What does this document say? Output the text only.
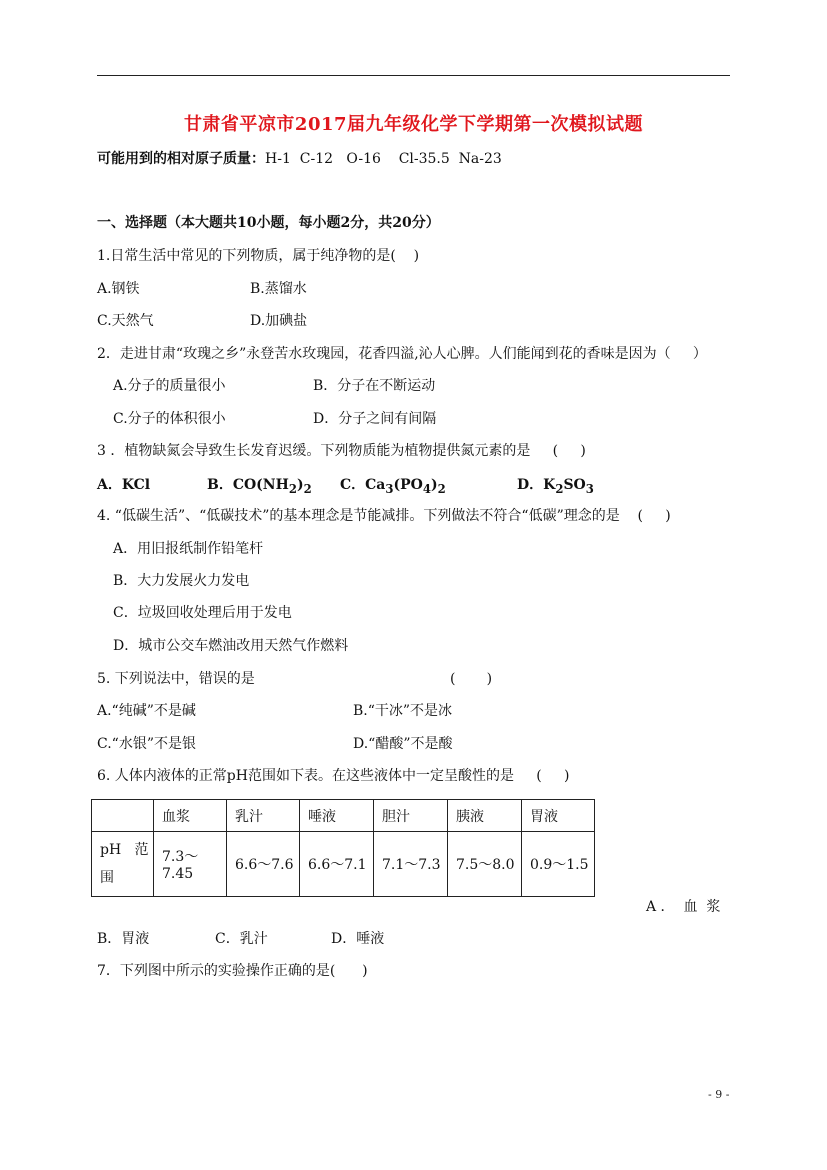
甘肃省平凉市2017届九年级化学下学期第一次模拟试题
可能用到的相对原子质量：H-1  C-12   O-16    Cl-35.5  Na-23
一、选择题（本大题共10小题，每小题2分，共20分）
1.日常生活中常见的下列物质，属于纯净物的是(    )
A.钢铁	B.蒸馏水
C.天然气	D.加碘盐
2．走进甘肃“玫瑰之乡”永登苦水玫瑰园，花香四溢,沁人心脾。人们能闻到花的香味是因为（     ）
A.分子的质量很小	B．分子在不断运动
C.分子的体积很小	D．分子之间有间隔
3 ．植物缺氮会导致生长发育迟缓。下列物质能为植物提供氮元素的是     (     )
A．KCl	B．$CO(NH_2)_2$ C．$Ca_3(PO_4)_2$	D．$K_2SO_3$
4. “低碳生活”、“低碳技术”的基本理念是节能减排。下列做法不符合“低碳”理念的是    (     )
A．用旧报纸制作铅笔杆
B．大力发展火力发电
C．垃圾回收处理后用于发电
D．城市公交车燃油改用天然气作燃料
5. 下列说法中，错误的是	(       )
A.“纯碱”不是碱	B.“干冰”不是冰
C.“水银”不是银	D.“醋酸”不是酸
6. 人体内液体的正常pH范围如下表。在这些液体中一定呈酸性的是     (     )
	血浆	乳汁	唾液	胆汁	胰液	胃液

pH   范
围	7.3～7.45	6.6～7.6	6.6～7.1	7.1～7.3	7.5～8.0	0.9～1.5
A ．  血  浆
B．胃液	C．乳汁	D．唾液
7．下列图中所示的实验操作正确的是(      )
- 9 -
